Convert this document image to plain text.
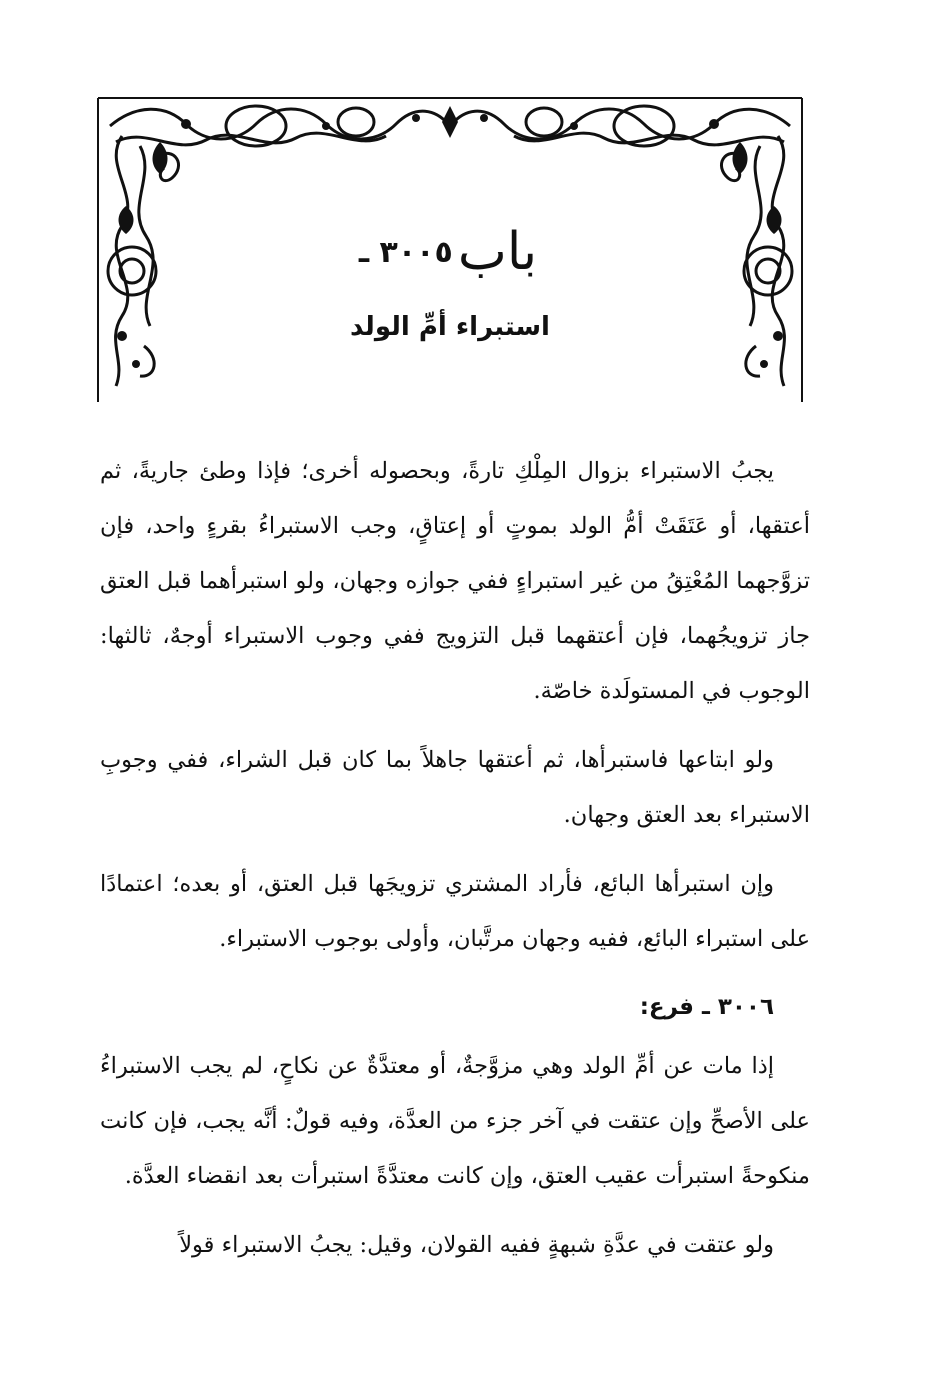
باب ٣٠٠٥ ـ
استبراء أمِّ الولد

يجبُ الاستبراء بزوال المِلْكِ تارةً، وبحصوله أخرى؛ فإذا وطئ جاريةً، ثم أعتقها، أو عَتَقَتْ أمُّ الولد بموتٍ أو إعتاقٍ، وجب الاستبراءُ بقرءٍ واحد، فإن تزوَّجهما المُعْتِقُ من غير استبراءٍ ففي جوازه وجهان، ولو استبرأهما قبل العتق جاز تزويجُهما، فإن أعتقهما قبل التزويج ففي وجوب الاستبراء أوجهٌ، ثالثها: الوجوب في المستولَدة خاصّة.

ولو ابتاعها فاستبرأها، ثم أعتقها جاهلاً بما كان قبل الشراء، ففي وجوبِ الاستبراء بعد العتق وجهان.

وإن استبرأها البائع، فأراد المشتري تزويجَها قبل العتق، أو بعده؛ اعتمادًا على استبراء البائع، ففيه وجهان مرتَّبان، وأولى بوجوب الاستبراء.

٣٠٠٦ ـ فرع:

إذا مات عن أمِّ الولد وهي مزوَّجةٌ، أو معتدَّةٌ عن نكاحٍ، لم يجب الاستبراءُ على الأصحِّ وإن عتقت في آخر جزء من العدَّة، وفيه قولٌ: أنَّه يجب، فإن كانت منكوحةً استبرأت عقيب العتق، وإن كانت معتدَّةً استبرأت بعد انقضاء العدَّة.

ولو عتقت في عدَّةِ شبهةٍ ففيه القولان، وقيل: يجبُ الاستبراء قولاً
